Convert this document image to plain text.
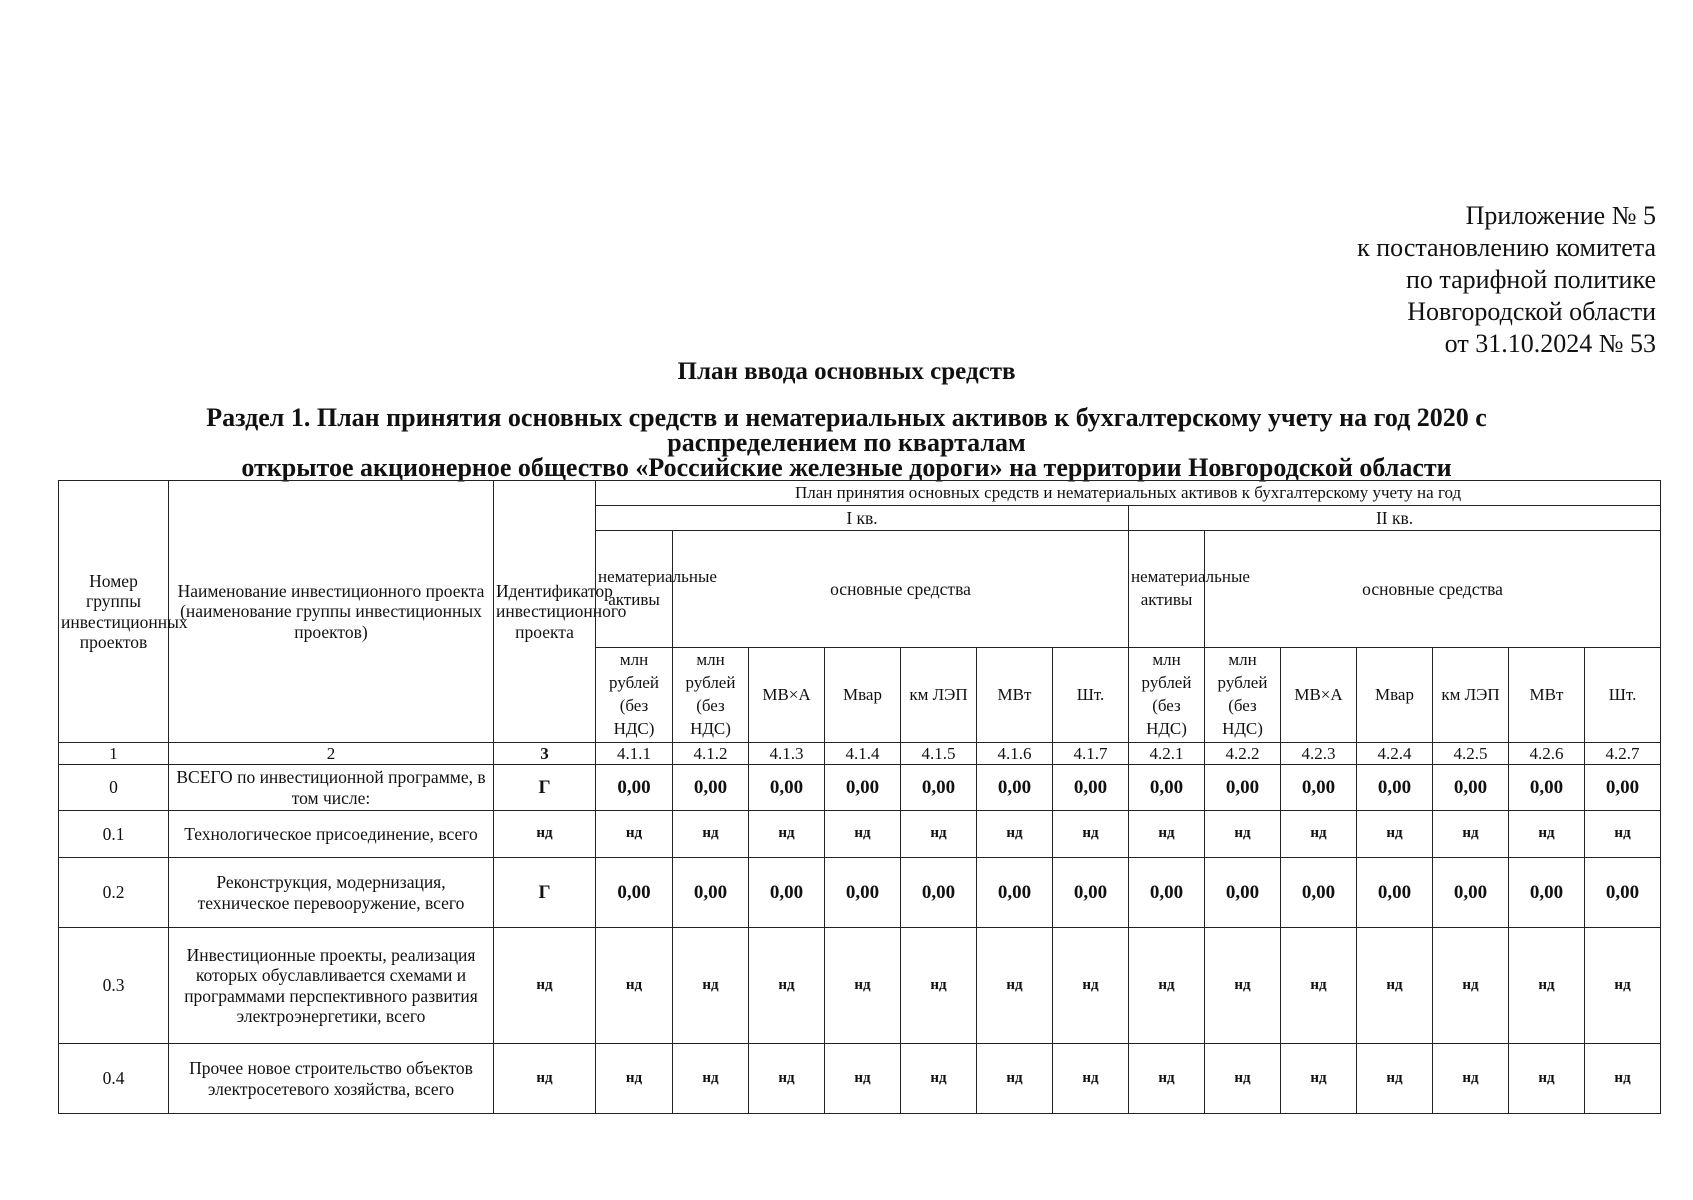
Приложение № 5
к постановлению комитета
по тарифной политике
Новгородской области
от 31.10.2024 № 53
План ввода основных средств
Раздел 1. План принятия основных средств и нематериальных активов к бухгалтерскому учету на год 2020 с
распределением по кварталам
открытое акционерное общество «Российские железные дороги» на территории Новгородской области
Номер группы инвестиционных проектов	Наименование инвестиционного проекта (наименование группы инвестиционных проектов)	Идентификатор инвестиционного проекта	План принятия основных средств и нематериальных активов к бухгалтерскому учету на год													
			I кв.							II кв.						
			нематериальные активы	основные средства						нематериальные активы	основные средства					
			млн рублей (без НДС)	млн рублей (без НДС)	МВ×А	Мвар	км ЛЭП	МВт	Шт.	млн рублей (без НДС)	млн рублей (без НДС)	МВ×А	Мвар	км ЛЭП	МВт	Шт.
1	2	3	4.1.1	4.1.2	4.1.3	4.1.4	4.1.5	4.1.6	4.1.7	4.2.1	4.2.2	4.2.3	4.2.4	4.2.5	4.2.6	4.2.7
0	ВСЕГО по инвестиционной программе, в том числе:	Г	0,00	0,00	0,00	0,00	0,00	0,00	0,00	0,00	0,00	0,00	0,00	0,00	0,00	0,00
0.1	Технологическое присоединение, всего	нд	нд	нд	нд	нд	нд	нд	нд	нд	нд	нд	нд	нд	нд	нд
0.2	Реконструкция, модернизация, техническое перевооружение, всего	Г	0,00	0,00	0,00	0,00	0,00	0,00	0,00	0,00	0,00	0,00	0,00	0,00	0,00	0,00
0.3	Инвестиционные проекты, реализация которых обуславливается схемами и программами перспективного развития электроэнергетики, всего	нд	нд	нд	нд	нд	нд	нд	нд	нд	нд	нд	нд	нд	нд	нд
0.4	Прочее новое строительство объектов электросетевого хозяйства, всего	нд	нд	нд	нд	нд	нд	нд	нд	нд	нд	нд	нд	нд	нд	нд
